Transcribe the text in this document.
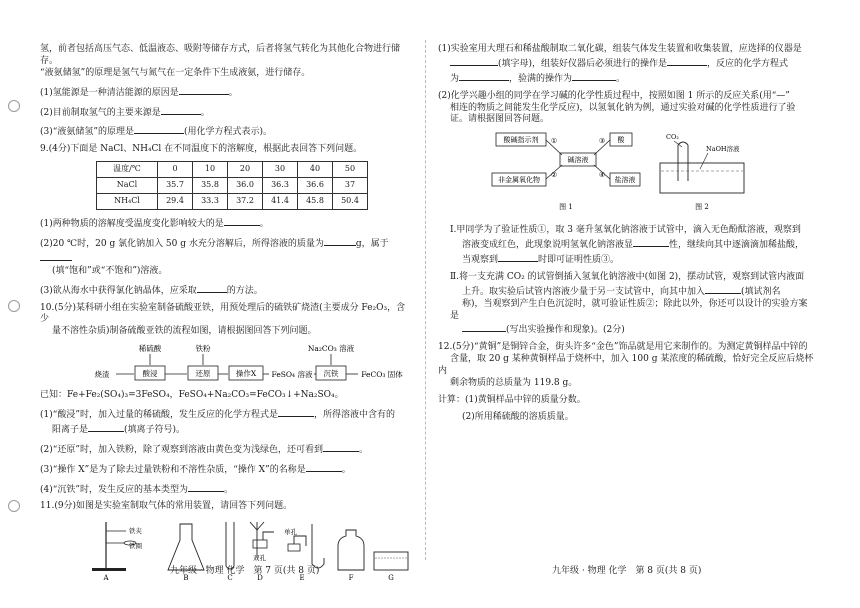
氢，前者包括高压气态、低温液态、吸附等储存方式，后者将氢气转化为其他化合物进行储存。
“液氨储氢”的原理是氢气与氮气在一定条件下生成液氨，进行储存。

(1)氢能源是一种清洁能源的原因是	。

(2)目前制取氢气的主要来源是	。

(3)“液氨储氢”的原理是	(用化学方程式表示)。

9.(4分)下面是 NaCl、NH₄Cl 在不同温度下的溶解度，根据此表回答下列问题。

温度/℃	0	10	20	30	40	50
NaCl	35.7	35.8	36.0	36.3	36.6	37
NH₄Cl	29.4	33.3	37.2	41.4	45.8	50.4

(1)两种物质的溶解度受温度变化影响较大的是	。

(2)20 ℃时，20 g 氯化钠加入 50 g 水充分溶解后，所得溶液的质量为	g，属于
(填“饱和”或“不饱和”)溶液。

(3)欲从海水中获得氯化钠晶体，应采取	的方法。

10.(5分)某科研小组在实验室制备硫酸亚铁，用预处理后的硫铁矿烧渣(主要成分 Fe₂O₃，含少
量不溶性杂质)制备硫酸亚铁的流程如图，请根据图回答下列问题。

稀硫酸	铁粉	Na₂CO₃ 溶液
烧渣	酸浸	还原	操作X FeSO₄ 溶液 沉铁	FeCO₃ 固体

已知：Fe+Fe₂(SO₄)₃=3FeSO₄，FeSO₄+Na₂CO₃=FeCO₃↓+Na₂SO₄。

(1)“酸浸”时，加入过量的稀硫酸，发生反应的化学方程式是	，所得溶液中含有的
阳离子是	(填离子符号)。

(2)“还原”时，加入铁粉，除了观察到溶液由黄色变为浅绿色，还可看到	。

(3)“操作 X”是为了除去过量铁粉和不溶性杂质，“操作 X”的名称是	。

(4)“沉铁”时，发生反应的基本类型为	。

11.(9分)如图是实验室制取气体的常用装置，请回答下列问题。

铁夹
铁圈
双孔
单孔
A	B	C	D	E	F	G
九年级 · 物理 化学　第 7 页(共 8 页)

(1)实验室用大理石和稀盐酸制取二氧化碳，组装气体发生装置和收集装置，应选择的仪器是
(填字母)，组装好仪器后必须进行的操作是	，反应的化学方程式
为	，验满的操作为	。

(2)化学兴趣小组的同学在学习碱的化学性质过程中，按照如图 1 所示的反应关系(用“—”
相连的物质之间能发生化学反应)，以氢氧化钠为例，通过实验对碱的化学性质进行了验
证。请根据图回答问题。

酸碱指示剂	酸
碱溶液
非金属氧化物	盐溶液
①	③
②	④
图 1
CO₂
NaOH溶液
图 2

Ⅰ.甲同学为了验证性质①，取 3 毫升氢氧化钠溶液于试管中，滴入无色酚酞溶液，观察到
溶液变成红色，此现象说明氢氧化钠溶液显	性，继续向其中逐滴滴加稀盐酸，
当观察到	时即可证明性质③。

Ⅱ.将一支充满 CO₂ 的试管倒插入氢氧化钠溶液中(如图 2)，摆动试管，观察到试管内液面
上升。取实验后试管内溶液少量于另一支试管中，向其中加入	(填试剂名
称)，当观察到产生白色沉淀时，就可验证性质②；除此以外，你还可以设计的实验方案是
(写出实验操作和现象)。(2分)

12.(5分)“黄铜”是铜锌合金，街头许多“金色”饰品就是用它来制作的。为测定黄铜样品中锌的
含量，取 20 g 某种黄铜样品于烧杯中，加入 100 g 某浓度的稀硫酸，恰好完全反应后烧杯内
剩余物质的总质量为 119.8 g。

计算：(1)黄铜样品中锌的质量分数。

(2)所用稀硫酸的溶质质量。

九年级 · 物理 化学　第 8 页(共 8 页)
